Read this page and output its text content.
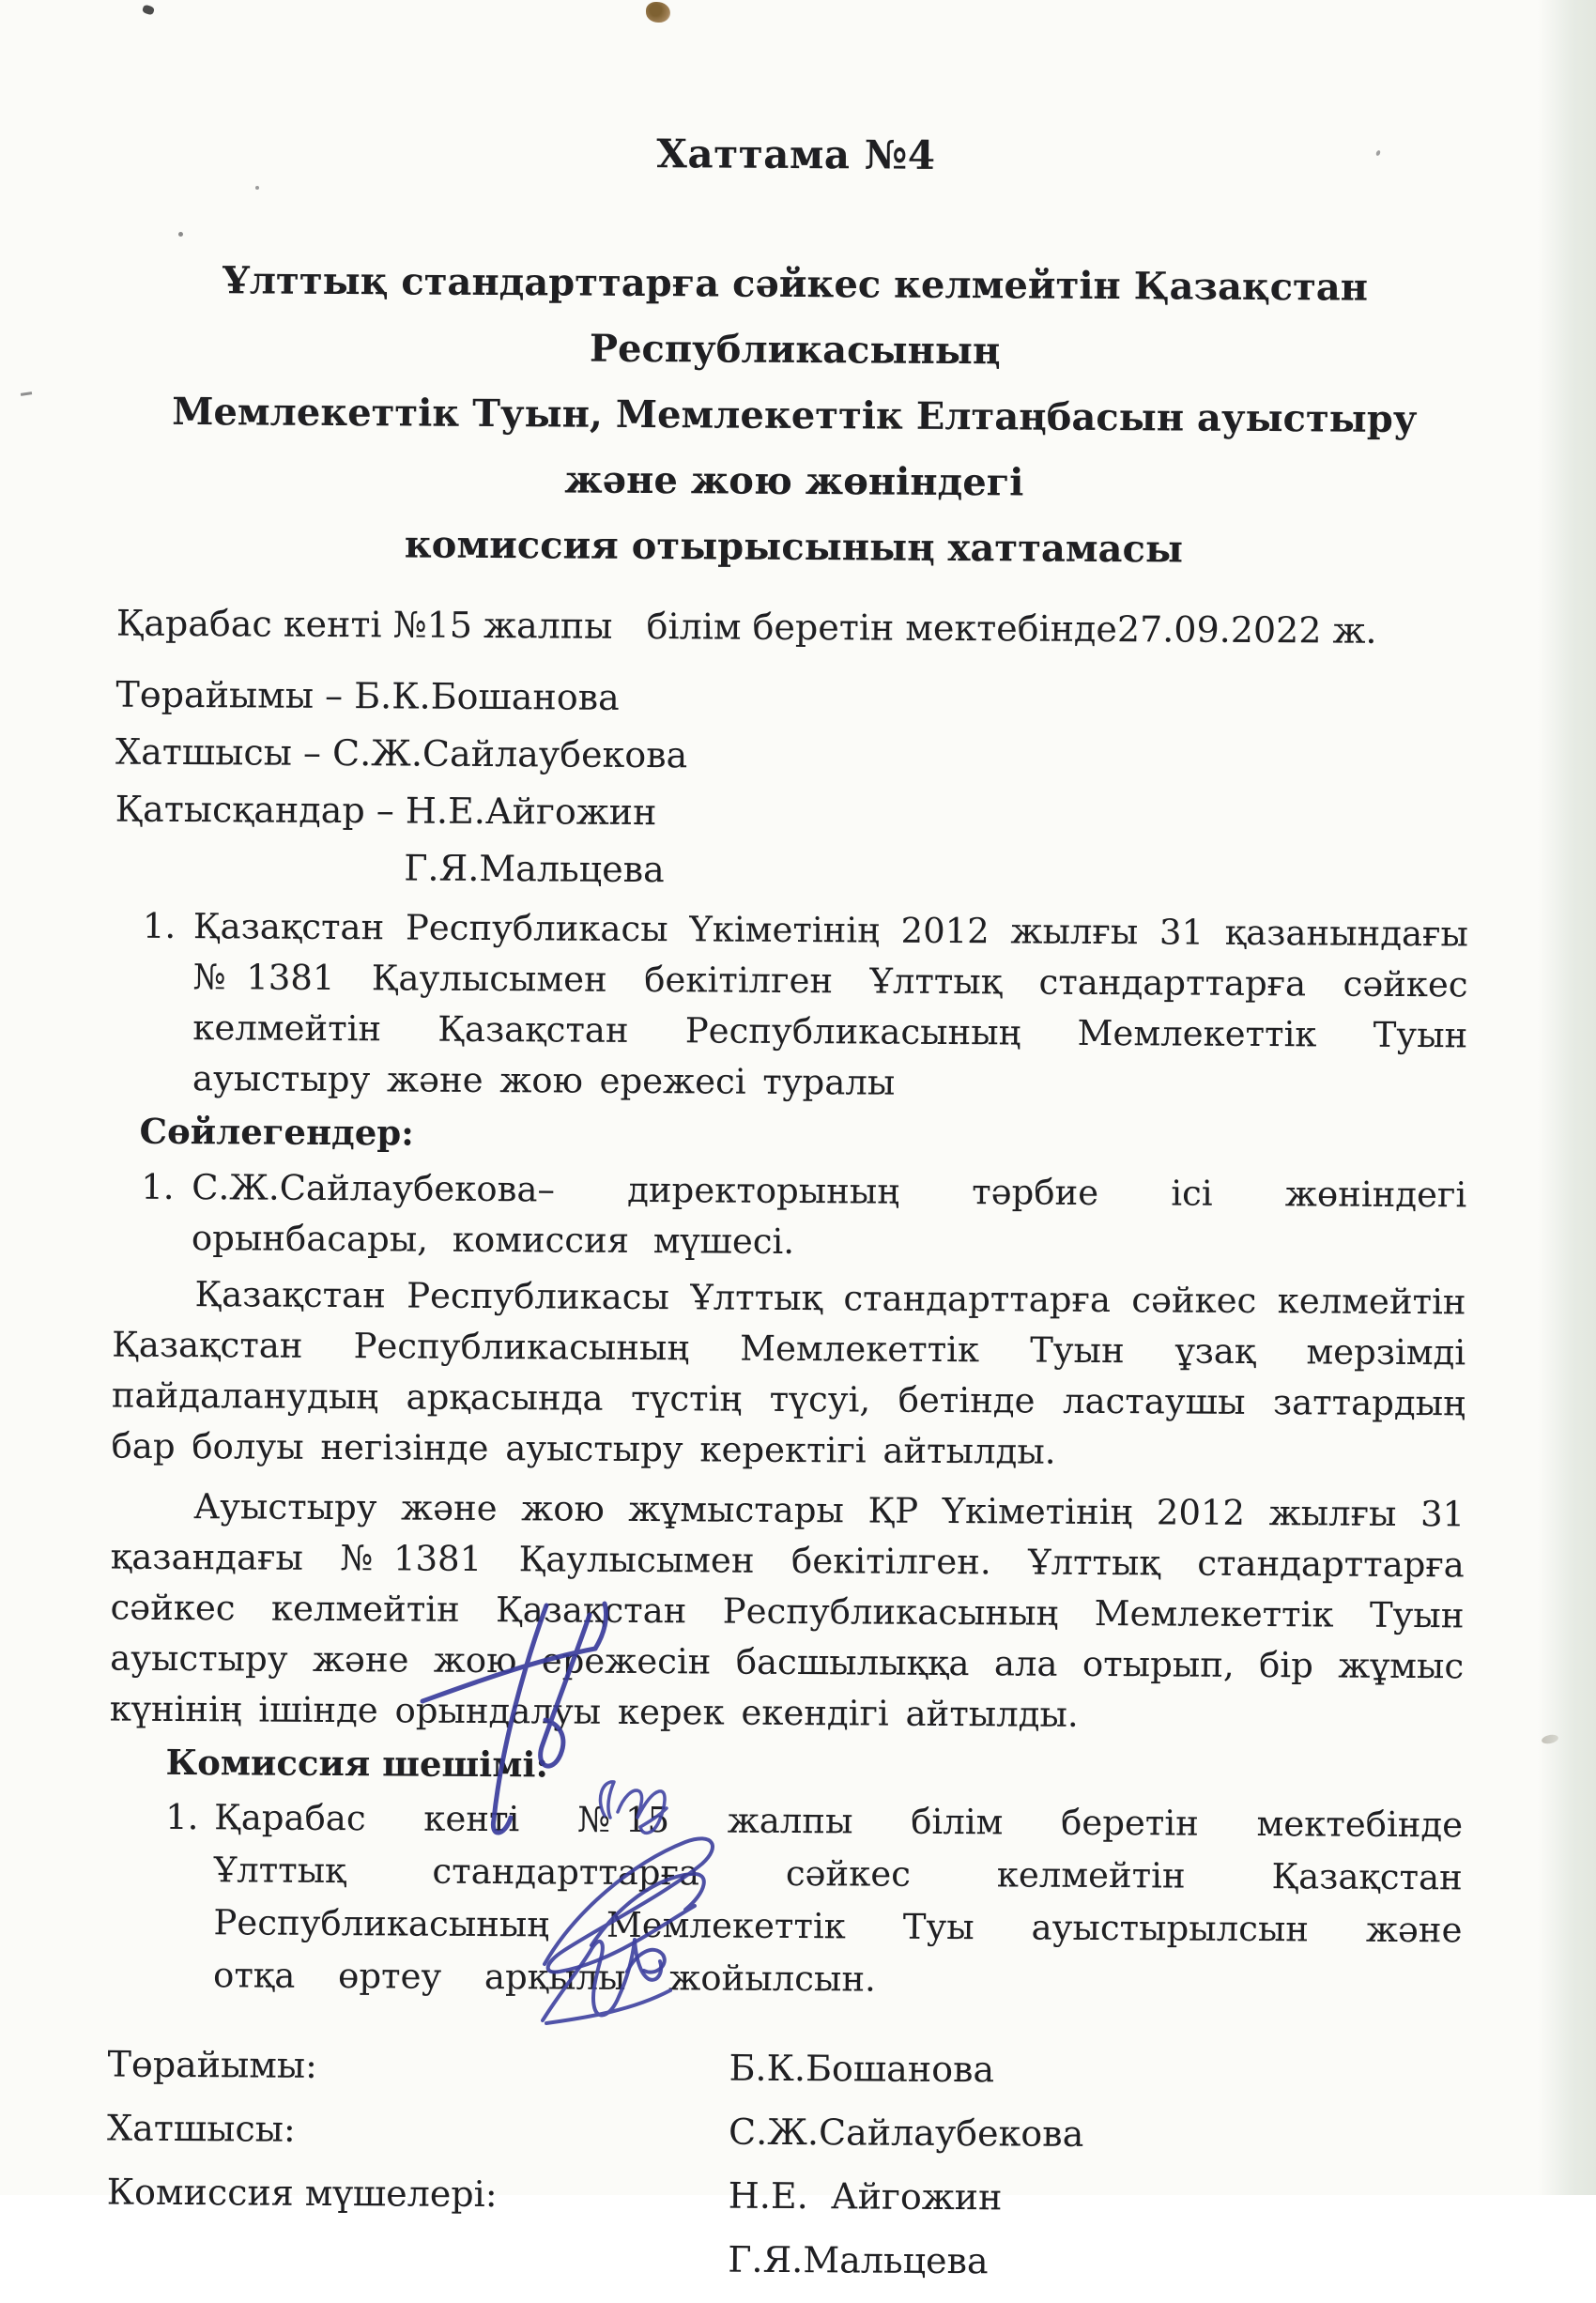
Хаттама №4
Ұлттық стандарттарға сәйкес келмейтін Қазақстан Республикасының
Мемлекеттік Туын, Мемлекеттік Елтаңбасын ауыстыру және жою жөніндегі
комиссия отырысының хаттамасы
Қарабас кенті №15 жалпы   білім беретін мектебінде 27.09.2022 ж.
Төрайымы – Б.К.Бошанова
Хатшысы – С.Ж.Сайлаубекова
Қатысқандар – Н.Е.Айгожин
Г.Я.Мальцева
1. Қазақстан Республикасы Үкіметінің 2012 жылғы 31 қазанындағы №1381 Қаулысымен бекітілген Ұлттық стандарттарға сәйкес келмейтін Қазақстан Республикасының Мемлекеттік Туын ауыстыру және жою ережесі туралы
Сөйлегендер:
1. С.Ж.Сайлаубекова– директорының тәрбие ісі жөніндегі орынбасары, комиссия мүшесі.
Қазақстан Республикасы Ұлттық стандарттарға сәйкес келмейтін Қазақстан Республикасының Мемлекеттік Туын ұзақ мерзімді пайдаланудың арқасында түстің түсуі, бетінде ластаушы заттардың бар болуы негізінде ауыстыру керектігі айтылды.
Ауыстыру және жою жұмыстары ҚР Үкіметінің 2012 жылғы 31 қазандағы №1381 Қаулысымен бекітілген. Ұлттық стандарттарға сәйкес келмейтін Қазақстан Республикасының Мемлекеттік Туын ауыстыру және жою ережесін басшылыққа ала отырып, бір жұмыс күнінің ішінде орындалуы керек екендігі айтылды.
Комиссия шешімі:
1. Қарабас кенті №15 жалпы білім беретін мектебінде Ұлттық стандарттарға сәйкес келмейтін Қазақстан Республикасының Мемлекеттік Туы ауыстырылсын және отқа өртеу арқылы жойылсын.
Төрайымы:	Б.К.Бошанова
Хатшысы:	С.Ж.Сайлаубекова
Комиссия мүшелері:	Н.Е.  Айгожин
Г.Я.Мальцева
